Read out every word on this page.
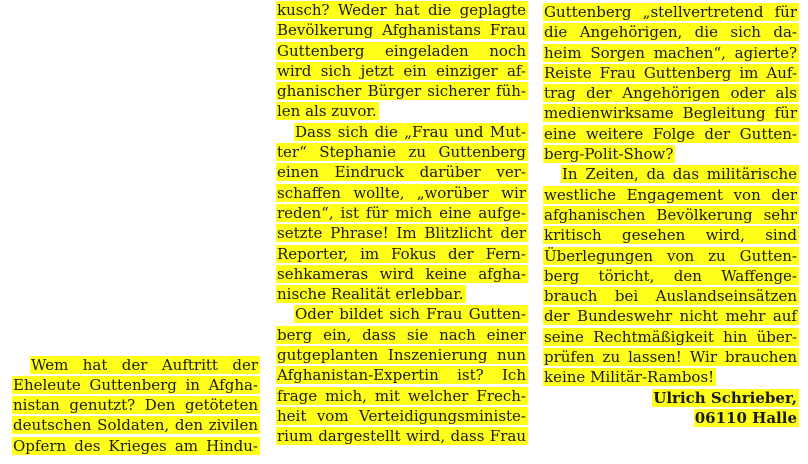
Wem hat der Auftritt der
Eheleute Guttenberg in Afgha-
nistan genutzt? Den getöteten
deutschen Soldaten, den zivilen
Opfern des Krieges am Hindu-
kusch? Weder hat die geplagte
Bevölkerung Afghanistans Frau
Guttenberg eingeladen noch
wird sich jetzt ein einziger af-
ghanischer Bürger sicherer füh-
len als zuvor.
Dass sich die „Frau und Mut-
ter“ Stephanie zu Guttenberg
einen Eindruck darüber ver-
schaffen wollte, „worüber wir
reden“, ist für mich eine aufge-
setzte Phrase! Im Blitzlicht der
Reporter, im Fokus der Fern-
sehkameras wird keine afgha-
nische Realität erlebbar.
Oder bildet sich Frau Gutten-
berg ein, dass sie nach einer
gutgeplanten Inszenierung nun
Afghanistan-Expertin ist? Ich
frage mich, mit welcher Frech-
heit vom Verteidigungsministe-
rium dargestellt wird, dass Frau
Guttenberg „stellvertretend für
die Angehörigen, die sich da-
heim Sorgen machen“, agierte?
Reiste Frau Guttenberg im Auf-
trag der Angehörigen oder als
medienwirksame Begleitung für
eine weitere Folge der Gutten-
berg-Polit-Show?
In Zeiten, da das militärische
westliche Engagement von der
afghanischen Bevölkerung sehr
kritisch gesehen wird, sind
Überlegungen von zu Gutten-
berg töricht, den Waffenge-
brauch bei Auslandseinsätzen
der Bundeswehr nicht mehr auf
seine Rechtmäßigkeit hin über-
prüfen zu lassen! Wir brauchen
keine Militär-Rambos!
Ulrich Schrieber,
06110 Halle
